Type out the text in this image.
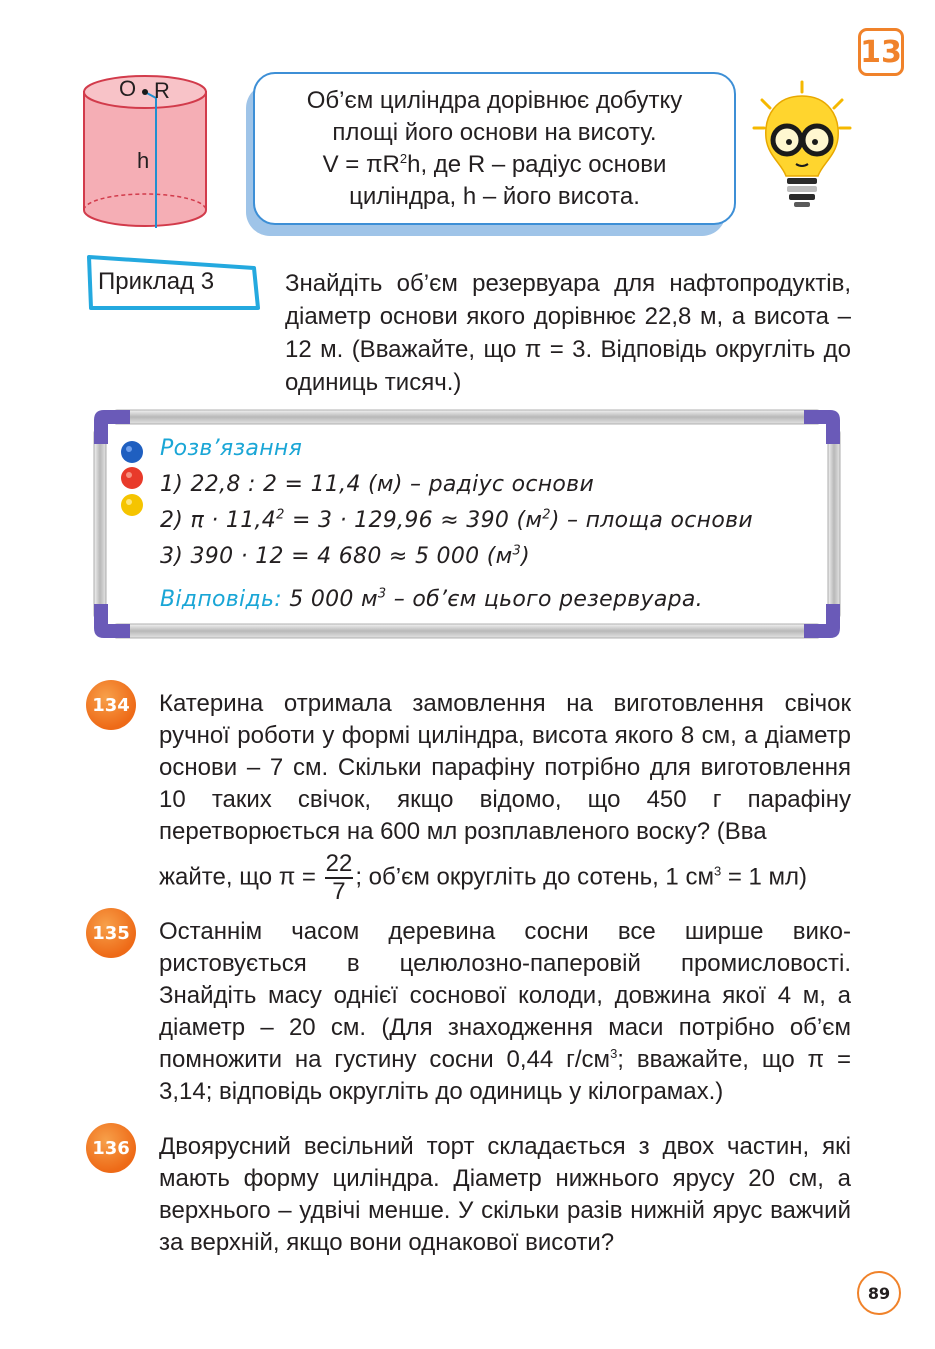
13
O R
h
Об’єм циліндра дорівнює добутку
площі його основи на висоту.
$V = \pi R^2h$, де R – радіус основи
циліндра, h – його висота.
Приклад 3	Знайдіть об’єм резервуара для нафтопродуктів, діаметр основи якого дорівнює 22,8 м, а висота – 12 м. (Вважайте, що π = 3. Відповідь округліть до одиниць тисяч.)
Розв’язання
1) 22,8 : 2 = 11,4 (м) – радіус основи
2) $\pi \cdot 11,4^2 = 3 \cdot 129,96 \approx 390$ $(м^2)$ – площа основи
3) 390 · 12 = 4 680 ≈ 5 000 $(м^3)$
Відповідь: 5 000 $м^3$ – об’єм цього резервуара.
134 Катерина отримала замовлення на виготовлення свічок ручної роботи у формі циліндра, висота якого 8 см, а діаметр основи – 7 см. Скільки парафіну потрібно для виготовлення 10 таких свічок, якщо відомо, що 450 г парафіну перетворюється на 600 мл розплавленого воску? (Вва
жайте, що $\pi = \frac{22}{7}$ ; об’єм округліть до сотень, 1 $см^3 = 1$ мл)
135 Останнім часом деревина сосни все ширше використовується в целюлозно-паперовій промисловості. Знайдіть масу однієї соснової колоди, довжина якої 4 м, а діаметр – 20 см. (Для знаходження маси потрібно об’єм помножити на густину сосни 0,44 $г/см^3$; вважайте, що π = 3,14; відповідь округліть до одиниць у кілограмах.)
136 Двоярусний весільний торт складається з двох частин, які мають форму циліндра. Діаметр нижнього ярусу 20 см, а верхнього – удвічі менше. У скільки разів нижній ярус важчий за верхній, якщо вони однакової висоти?
89
